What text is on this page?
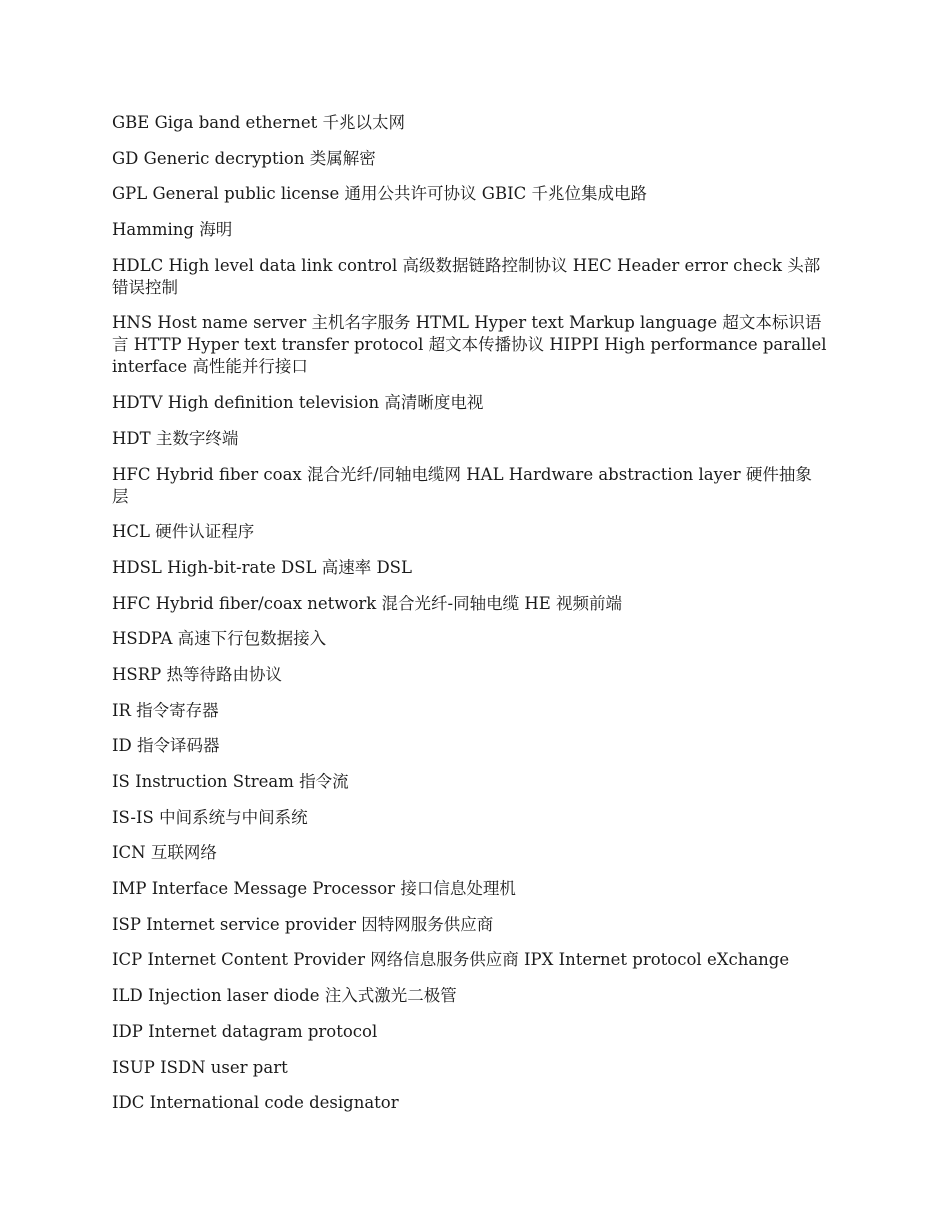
GBE Giga band ethernet 千兆以太网

GD Generic decryption 类属解密

GPL General public license 通用公共许可协议 GBIC 千兆位集成电路

Hamming 海明

HDLC High level data link control 高级数据链路控制协议 HEC Header error check 头部错误控制

HNS Host name server 主机名字服务 HTML Hyper text Markup language 超文本标识语言 HTTP Hyper text transfer protocol 超文本传播协议 HIPPI High performance parallel interface 高性能并行接口

HDTV High definition television 高清晰度电视

HDT 主数字终端

HFC Hybrid fiber coax 混合光纤/同轴电缆网 HAL Hardware abstraction layer 硬件抽象层

HCL 硬件认证程序

HDSL High-bit-rate DSL 高速率 DSL

HFC Hybrid fiber/coax network 混合光纤-同轴电缆 HE 视频前端

HSDPA 高速下行包数据接入

HSRP 热等待路由协议

IR 指令寄存器

ID 指令译码器

IS Instruction Stream 指令流

IS-IS 中间系统与中间系统

ICN 互联网络

IMP Interface Message Processor 接口信息处理机

ISP Internet service provider 因特网服务供应商

ICP Internet Content Provider 网络信息服务供应商 IPX Internet protocol eXchange

ILD Injection laser diode 注入式激光二极管

IDP Internet datagram protocol

ISUP ISDN user part

IDC International code designator
